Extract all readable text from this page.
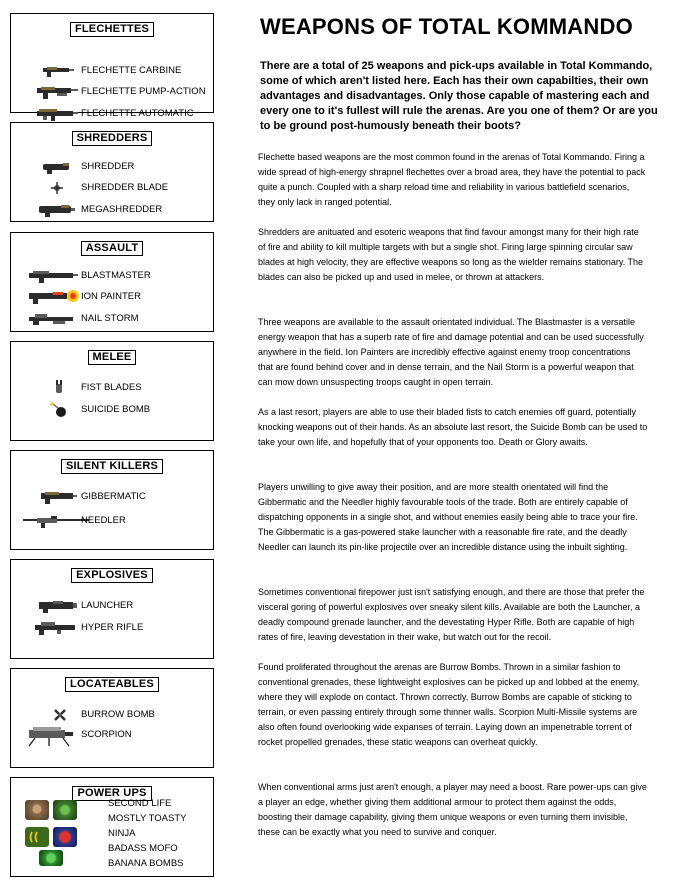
FLECHETTES
FLECHETTE CARBINE
FLECHETTE PUMP-ACTION
FLECHETTE AUTOMATIC
SHREDDERS
SHREDDER
SHREDDER BLADE
MEGASHREDDER
ASSAULT
BLASTMASTER
ION PAINTER
NAIL STORM
MELEE
FIST BLADES
SUICIDE BOMB
SILENT KILLERS
GIBBERMATIC
NEEDLER
EXPLOSIVES
LAUNCHER
HYPER RIFLE
LOCATEABLES
BURROW BOMB
SCORPION
POWER UPS
SECOND LIFE
MOSTLY TOASTY
NINJA
BADASS MOFO
BANANA BOMBS
WEAPONS OF TOTAL KOMMANDO
There are a total of 25 weapons and pick-ups available in Total Kommando, some of which aren't listed here. Each has their own capabilties, their own advantages and disadvantages. Only those capable of mastering each and every one to it's fullest will rule the arenas. Are you one of them? Or are you to be ground post-humously beneath their boots?
Flechette based weapons are the most common found in the arenas of Total Kommando. Firing a wide spread of high-energy shrapnel flechettes over a broad area, they have the potential to pack quite a punch. Coupled with a sharp reload time and reliability in various battlefield scenarios, they only lack in ranged potential.
Shredders are anituated and esoteric weapons that find favour amongst many for their high rate of fire and ability to kill multiple targets with but a single shot. Firing large spinning circular saw blades at high velocity, they are effective weapons so long as the wielder remains stationary. The blades can also be picked up and used in melee, or thrown at attackers.
Three weapons are available to the assault orientated individual. The Blastmaster is a versatile energy weapon that has a superb rate of fire and damage potential and can be used successfully anywhere in the field. Ion Painters are incredibly effective against enemy troop concentrations that are found behind cover and in dense terrain, and the Nail Storm is a powerful weapon that can mow down unsuspecting troops caught in open terrain.
As a last resort, players are able to use their bladed fists to catch enemies off guard, potentially knocking weapons out of their hands. As an absolute last resort, the Suicide Bomb can be used to take your own life, and hopefully that of your opponents too. Death or Glory awaits.
Players unwilling to give away their position, and are more stealth orientated will find the Gibbermatic and the Needler highly favourable tools of the trade. Both are entirely capable of dispatching opponents in a single shot, and without enemies easily being able to trace your fire. The Gibbermatic is a gas-powered stake launcher with a reasonable fire rate, and the deadly Needler can launch its pin-like projectile over an incredible distance using the inbuilt sighting.
Sometimes conventional firepower just isn't satisfying enough, and there are those that prefer the visceral goring of powerful explosives over sneaky silent kills. Available are both the Launcher, a deadly compound grenade launcher, and the devestating Hyper Rifle. Both are capable of high rates of fire, leaving devestation in their wake, but watch out for the recoil.
Found proliferated throughout the arenas are Burrow Bombs. Thrown in a similar fashion to conventional grenades, these lightweight explosives can be picked up and lobbed at the enemy, where they will explode on contact. Thrown correctly, Burrow Bombs are capable of sticking to terrain, or even passing entirely through some thinner walls. Scorpion Multi-Missile systems are also often found overlooking wide expanses of terrain. Laying down an impenetrable torrent of rocket propelled grenades, these static weapons can overheat quickly.
When conventional arms just aren't enough, a player may need a boost. Rare power-ups can give a player an edge, whether giving them additional armour to protect them against the odds, boosting their damage capability, giving them unique weapons or even turning them invisible, these can be exactly what you need to survive and conquer.
